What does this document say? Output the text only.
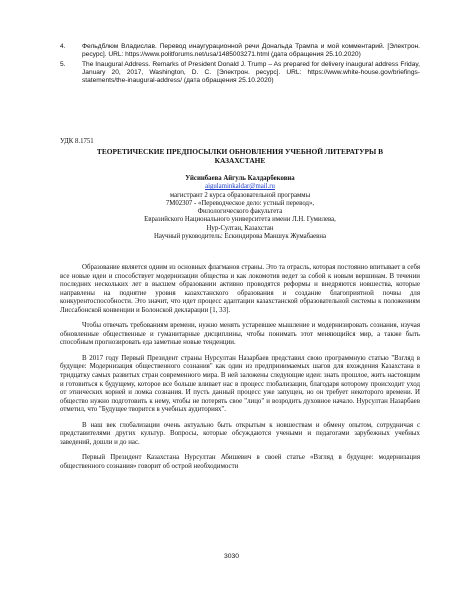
4.	Фельдблюм Владислав. Перевод инаугурационной речи Дональда Трампа и мой комментарий. [Электрон. ресурс]. URL: https://www.politforums.net/usa/1485003271.html (дата обращения 25.10.2020)
5.	The Inaugural Address. Remarks of President Donald J. Trump – As prepared for delivery inaugural address Friday, January 20, 2017, Washington, D. C. [Электрон. ресурс]. URL: https://www.white-house.gov/briefings-statements/the-inaugural-address/ (дата обращения 25.10.2020)
УДК 8.1751
ТЕОРЕТИЧЕСКИЕ ПРЕДПОСЫЛКИ ОБНОВЛЕНИЯ УЧЕБНОЙ ЛИТЕРАТУРЫ В
КАЗАХСТАНЕ
Уйсинбаева Айгуль Калдарбековна
aigulaminkaldar@mail.ru
магистрант 2 курса образовательной программы
7М02307 - «Переводческое дело: устный перевод»,
Филологического факультета
Евразийского Национального университета имени Л.Н. Гумилева,
Нур-Султан, Казахстан
Научный руководитель: Ескиндирова Маншук Жумабаевна

Образование является одним из основных флагманов страны. Это та отрасль, которая постоянно впитывает в себя все новые идеи и способствует модернизации общества и как локомотив ведет за собой к новым вершинам. В течении последних нескольких лет в высшем образовании активно проводятся реформы и внедряются новшества, которые направлены на поднятие уровня казахстанского образования и создание благоприятной почвы для конкурентоспособности. Это значит, что идет процесс адаптации казахстанской образовательной системы к положениям Лиссабонской конвенции и Болонской декларации [1, 33].

Чтобы отвечать требованиям времени, нужно менять устаревшее мышление и модернизировать сознания, изучая обновленные общественные и гуманитарные дисциплины, чтобы понимать этот меняющийся мир, а также быть способным прогнозировать еда заметные новые тенденции.

В 2017 году Первый Президент страны Нурсултан Назарбаев представил свою программную статью "Взгляд в будущее: Модернизация общественного сознания" как один из предпринимаемых шагов для вхождения Казахстана в тридцатку самых развитых стран современного мира. В ней заложены следующие идеи: знать прошлое, жить настоящим и готовиться к будущему, которое все больше вливает нас в процесс глобализации, благодаря которому происходит уход от этнических корней и ломка сознания. И пусть данный процесс уже запущен, но он требует некоторого времени. И общество нужно подготовить к нему, чтобы не потерять свое "лицо" и возродить духовное начало. Нурсултан Назарбаев отметил, что "Будущее творится в учебных аудиториях".

В наш век глобализации очень актуально быть открытым к новшествам и обмену опытом, сотрудничая с представителями других культур. Вопросы, которые обсуждаются учеными и педагогами зарубежных учебных заведений, дошли и до нас.

Первый Президент Казахстана Нурсултан Абишевич в своей статье «Взгляд в будущее: модернизация общественного сознания» говорит об острой необходимости

3030
